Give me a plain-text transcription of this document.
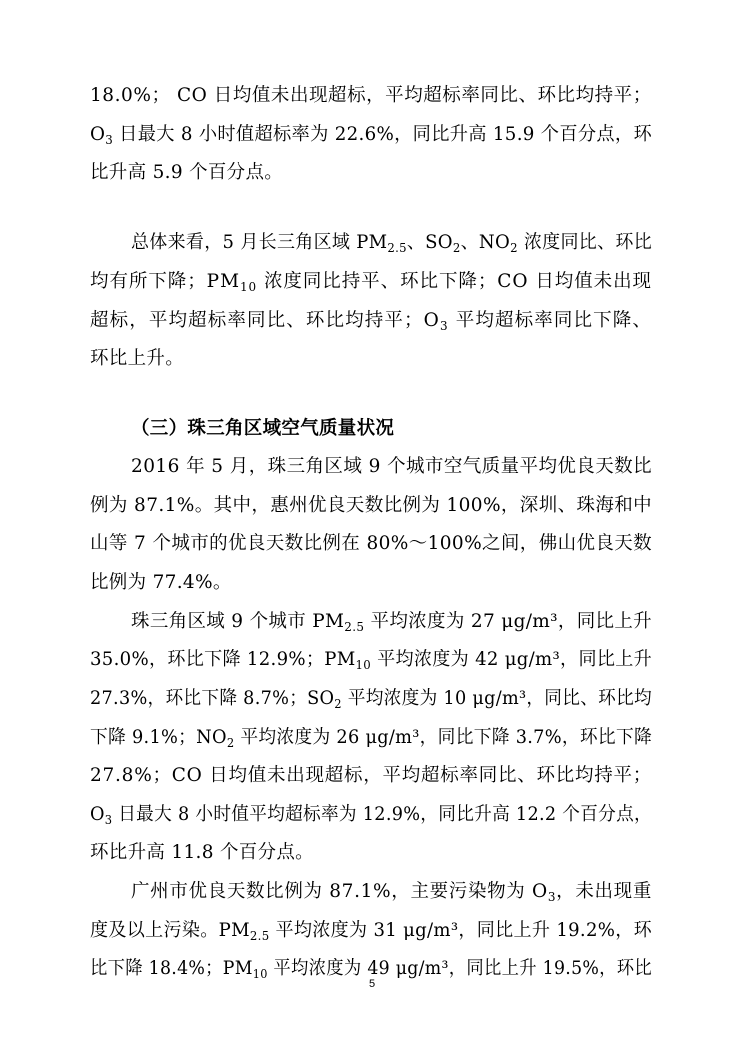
18.0%； CO 日均值未出现超标，平均超标率同比、环比均持平；
$O_3$ 日最大 8 小时值超标率为 22.6%，同比升高 15.9 个百分点，环
比升高 5.9 个百分点。
总体来看，5 月长三角区域 $PM_{2.5}$、$SO_2$、$NO_2$ 浓度同比、环比
均有所下降；$PM_{10}$ 浓度同比持平、环比下降；CO 日均值未出现
超标，平均超标率同比、环比均持平；$O_3$ 平均超标率同比下降、
环比上升。
（三）珠三角区域空气质量状况
2016 年 5 月，珠三角区域 9 个城市空气质量平均优良天数比
例为 87.1%。其中，惠州优良天数比例为 100%，深圳、珠海和中
山等 7 个城市的优良天数比例在 80%～100%之间，佛山优良天数
比例为 77.4%。
珠三角区域 9 个城市 $PM_{2.5}$ 平均浓度为 27 μg/m³，同比上升
35.0%，环比下降 12.9%；$PM_{10}$ 平均浓度为 42 μg/m³，同比上升
27.3%，环比下降 8.7%；$SO_2$ 平均浓度为 10 μg/m³，同比、环比均
下降 9.1%；$NO_2$ 平均浓度为 26 μg/m³，同比下降 3.7%，环比下降
27.8%；CO 日均值未出现超标，平均超标率同比、环比均持平；
$O_3$ 日最大 8 小时值平均超标率为 12.9%，同比升高 12.2 个百分点，
环比升高 11.8 个百分点。
广州市优良天数比例为 87.1%，主要污染物为 $O_3$，未出现重
度及以上污染。$PM_{2.5}$ 平均浓度为 31 μg/m³，同比上升 19.2%，环
比下降 18.4%；$PM_{10}$ 平均浓度为 49 μg/m³，同比上升 19.5%，环比
5
